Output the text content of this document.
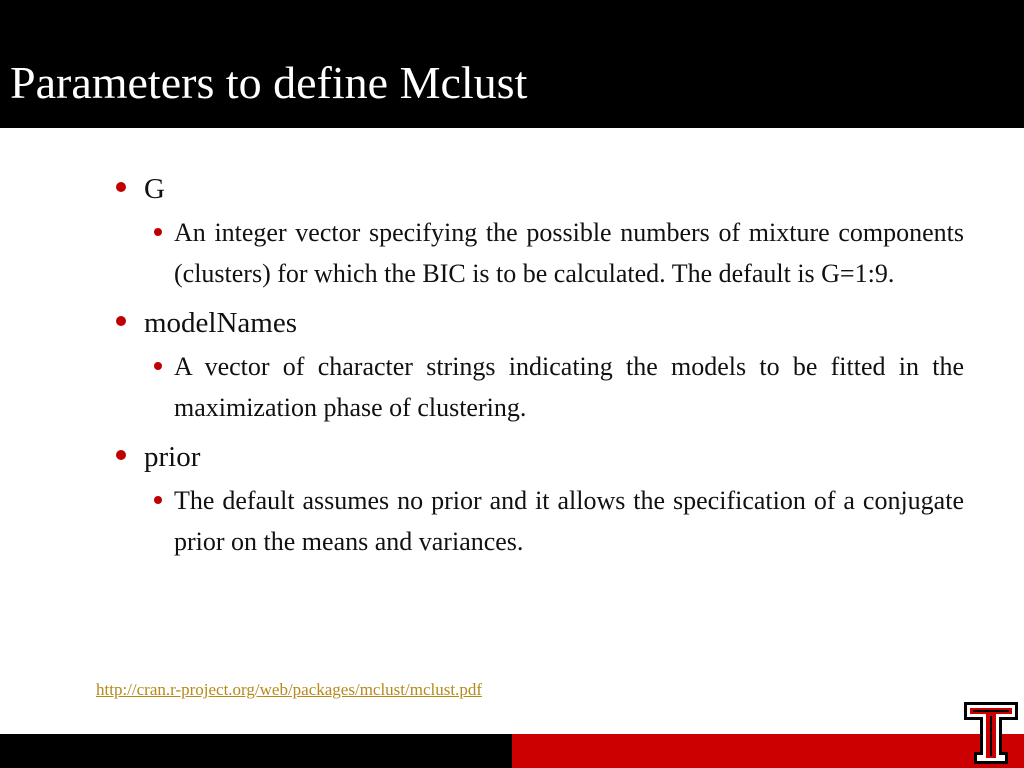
Parameters to define Mclust
G
An integer vector specifying the possible numbers of mixture components (clusters) for which the BIC is to be calculated. The default is G=1:9.
modelNames
A vector of character strings indicating the models to be fitted in the maximization phase of clustering.
prior
The default assumes no prior and it allows the specification of a conjugate prior on the means and variances.
http://cran.r-project.org/web/packages/mclust/mclust.pdf
